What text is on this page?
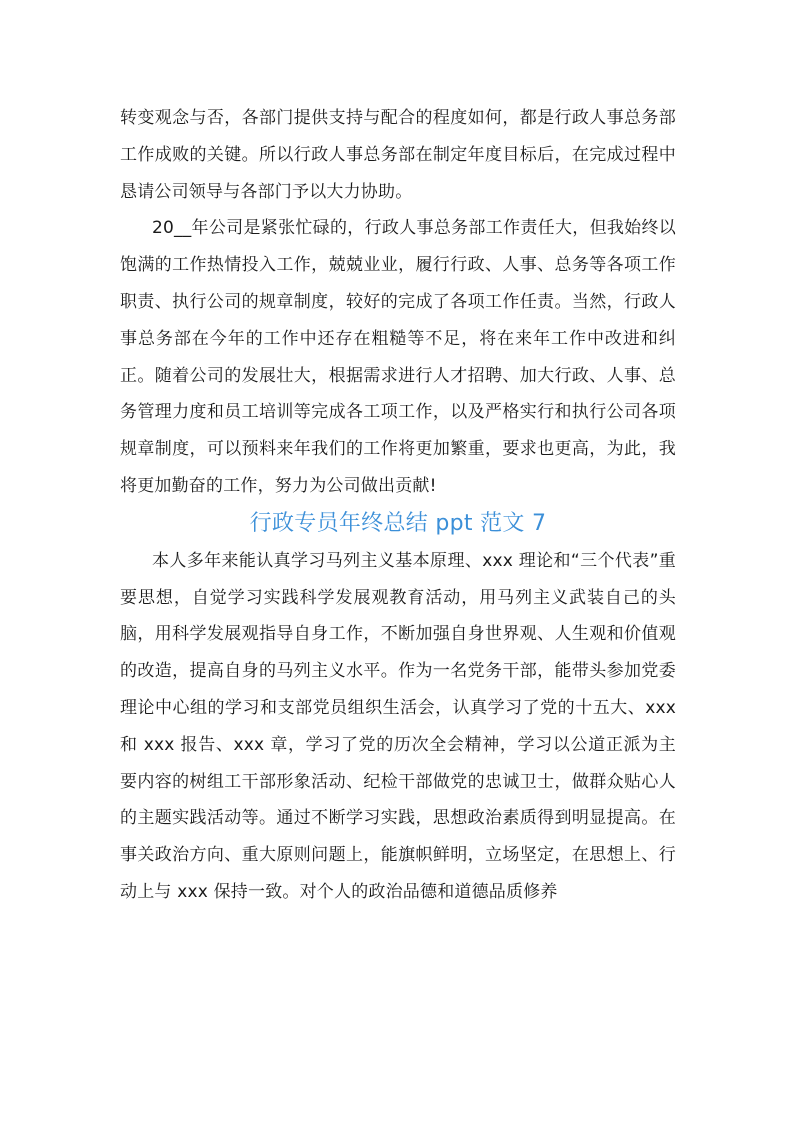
转变观念与否，各部门提供支持与配合的程度如何，都是行政人事总务部工作成败的关键。所以行政人事总务部在制定年度目标后，在完成过程中恳请公司领导与各部门予以大力协助。

20__年公司是紧张忙碌的，行政人事总务部工作责任大，但我始终以饱满的工作热情投入工作，兢兢业业，履行行政、人事、总务等各项工作职责、执行公司的规章制度，较好的完成了各项工作任责。当然，行政人事总务部在今年的工作中还存在粗糙等不足，将在来年工作中改进和纠正。随着公司的发展壮大，根据需求进行人才招聘、加大行政、人事、总务管理力度和员工培训等完成各工项工作，以及严格实行和执行公司各项规章制度，可以预料来年我们的工作将更加繁重，要求也更高，为此，我将更加勤奋的工作，努力为公司做出贡献!

行政专员年终总结 ppt 范文 7

本人多年来能认真学习马列主义基本原理、xxx 理论和“三个代表”重要思想，自觉学习实践科学发展观教育活动，用马列主义武装自己的头脑，用科学发展观指导自身工作，不断加强自身世界观、人生观和价值观的改造，提高自身的马列主义水平。作为一名党务干部，能带头参加党委理论中心组的学习和支部党员组织生活会，认真学习了党的十五大、xxx 和 xxx 报告、xxx 章，学习了党的历次全会精神，学习以公道正派为主要内容的树组工干部形象活动、纪检干部做党的忠诚卫士，做群众贴心人的主题实践活动等。通过不断学习实践，思想政治素质得到明显提高。在事关政治方向、重大原则问题上，能旗帜鲜明，立场坚定，在思想上、行动上与 xxx 保持一致。对个人的政治品德和道德品质修养
